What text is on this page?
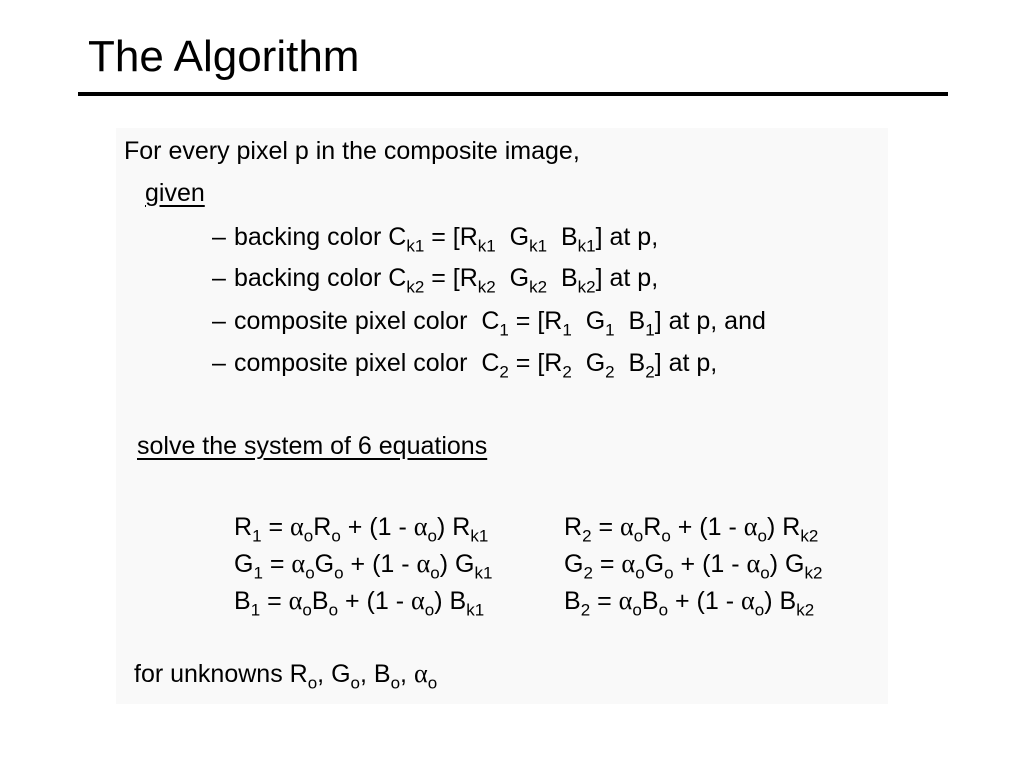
The Algorithm
For every pixel p in the composite image,
given
– backing color $C_{k1} = [R_{k1}$  $G_{k1}$  $B_{k1}$] at p,
– backing color $C_{k2} = [R_{k2}$  $G_{k2}$  $B_{k2}$] at p,
– composite pixel color  $C_1 = [R_1$  $G_1$  $B_1$] at p, and
– composite pixel color  $C_2 = [R_2$  $G_2$  $B_2$] at p,
solve the system of 6 equations
$R_1 = \alpha_oR_o + (1 - \alpha_o)$ $R_{k1}$	$R_2 = \alpha_oR_o + (1 - \alpha_o)$ $R_{k2}$
$G_1 = \alpha_oG_o + (1 - \alpha_o)$ $G_{k1}$	$G_2 = \alpha_oG_o + (1 - \alpha_o)$ $G_{k2}$
$B_1 = \alpha_oB_o + (1 - \alpha_o)$ $B_{k1}$	$B_2 = \alpha_oB_o + (1 - \alpha_o)$ $B_{k2}$
for unknowns $R_o$, $G_o$, $B_o$, $\alpha_o$
